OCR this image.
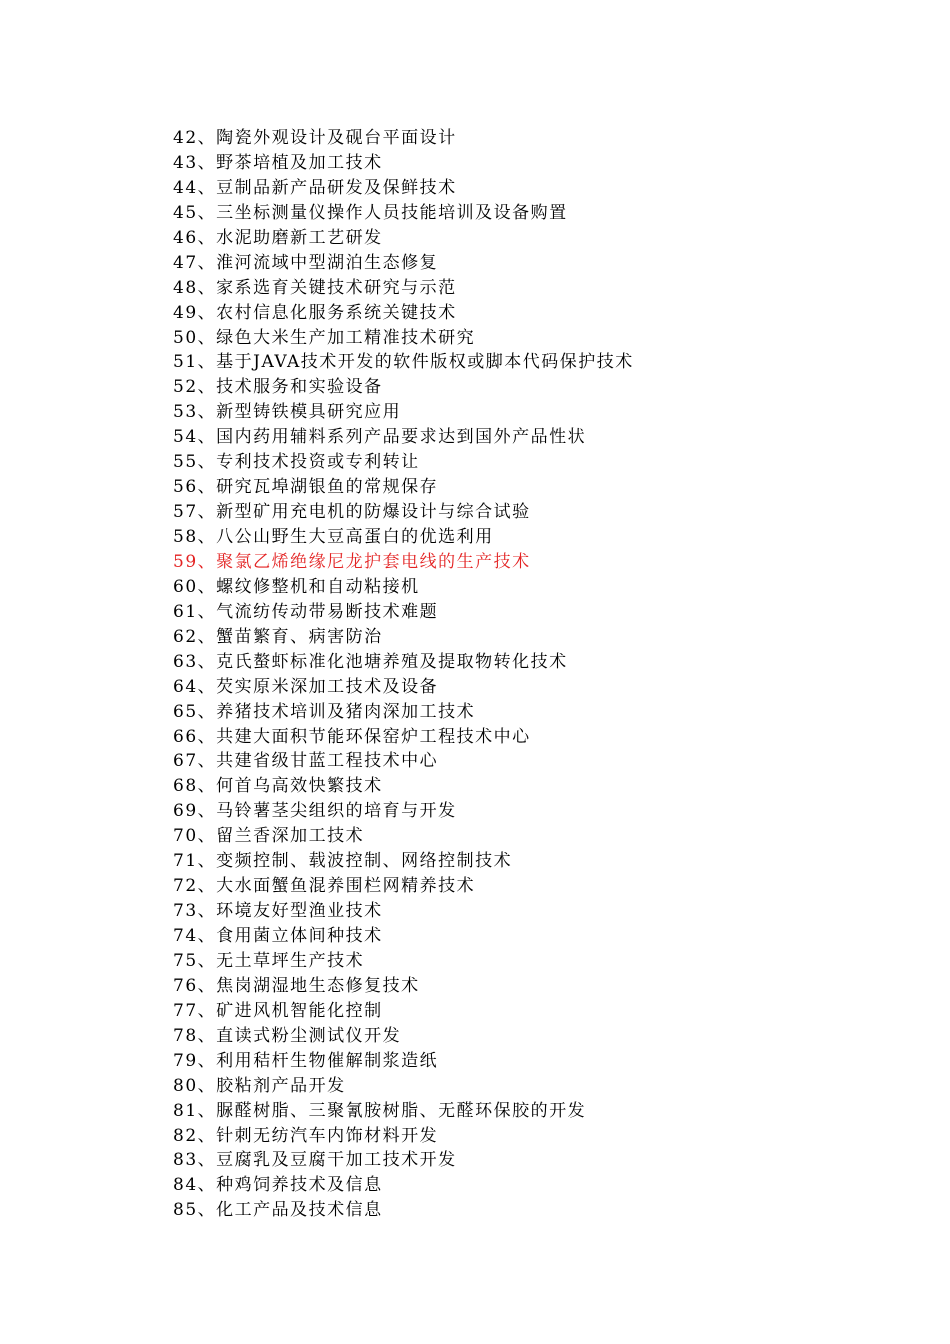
42、陶瓷外观设计及砚台平面设计
43、野茶培植及加工技术
44、豆制品新产品研发及保鲜技术
45、三坐标测量仪操作人员技能培训及设备购置
46、水泥助磨新工艺研发
47、淮河流域中型湖泊生态修复
48、家系选育关键技术研究与示范
49、农村信息化服务系统关键技术
50、绿色大米生产加工精准技术研究
51、基于JAVA技术开发的软件版权或脚本代码保护技术
52、技术服务和实验设备
53、新型铸铁模具研究应用
54、国内药用辅料系列产品要求达到国外产品性状
55、专利技术投资或专利转让
56、研究瓦埠湖银鱼的常规保存
57、新型矿用充电机的防爆设计与综合试验
58、八公山野生大豆高蛋白的优选利用
59、聚氯乙烯绝缘尼龙护套电线的生产技术
60、螺纹修整机和自动粘接机
61、气流纺传动带易断技术难题
62、蟹苗繁育、病害防治
63、克氏螯虾标准化池塘养殖及提取物转化技术
64、芡实原米深加工技术及设备
65、养猪技术培训及猪肉深加工技术
66、共建大面积节能环保窑炉工程技术中心
67、共建省级甘蓝工程技术中心
68、何首乌高效快繁技术
69、马铃薯茎尖组织的培育与开发
70、留兰香深加工技术
71、变频控制、载波控制、网络控制技术
72、大水面蟹鱼混养围栏网精养技术
73、环境友好型渔业技术
74、食用菌立体间种技术
75、无土草坪生产技术
76、焦岗湖湿地生态修复技术
77、矿进风机智能化控制
78、直读式粉尘测试仪开发
79、利用秸杆生物催解制浆造纸
80、胶粘剂产品开发
81、脲醛树脂、三聚氰胺树脂、无醛环保胶的开发
82、针刺无纺汽车内饰材料开发
83、豆腐乳及豆腐干加工技术开发
84、种鸡饲养技术及信息
85、化工产品及技术信息
